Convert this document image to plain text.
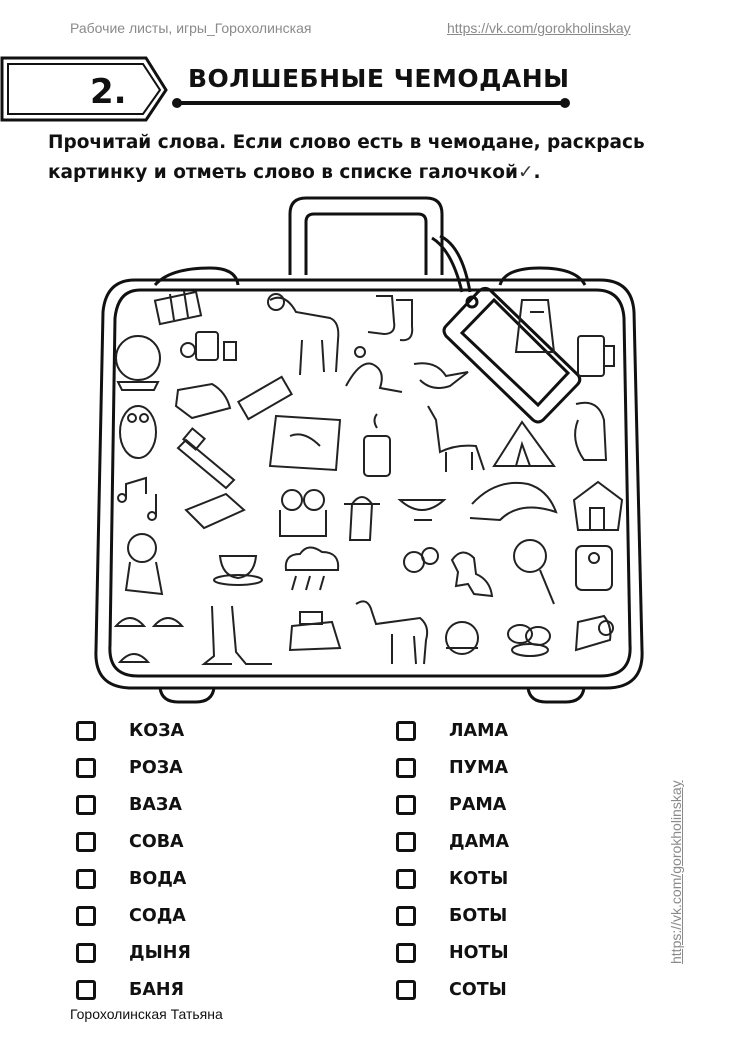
Рабочие листы, игры_Горохолинская	https://vk.com/gorokholinskay
2. ВОЛШЕБНЫЕ ЧЕМОДАНЫ
Прочитай слова. Если слово есть в чемодане, раскрась
картинку и отметь слово в списке галочкой✓.
КОЗА
РОЗА
ВАЗА
СОВА
ВОДА
СОДА
ДЫНЯ
БАНЯ
ЛАМА
ПУМА
РАМА
ДАМА
КОТЫ
БОТЫ
НОТЫ
СОТЫ
https://vk.com/gorokholinskay
Горохолинская Татьяна
